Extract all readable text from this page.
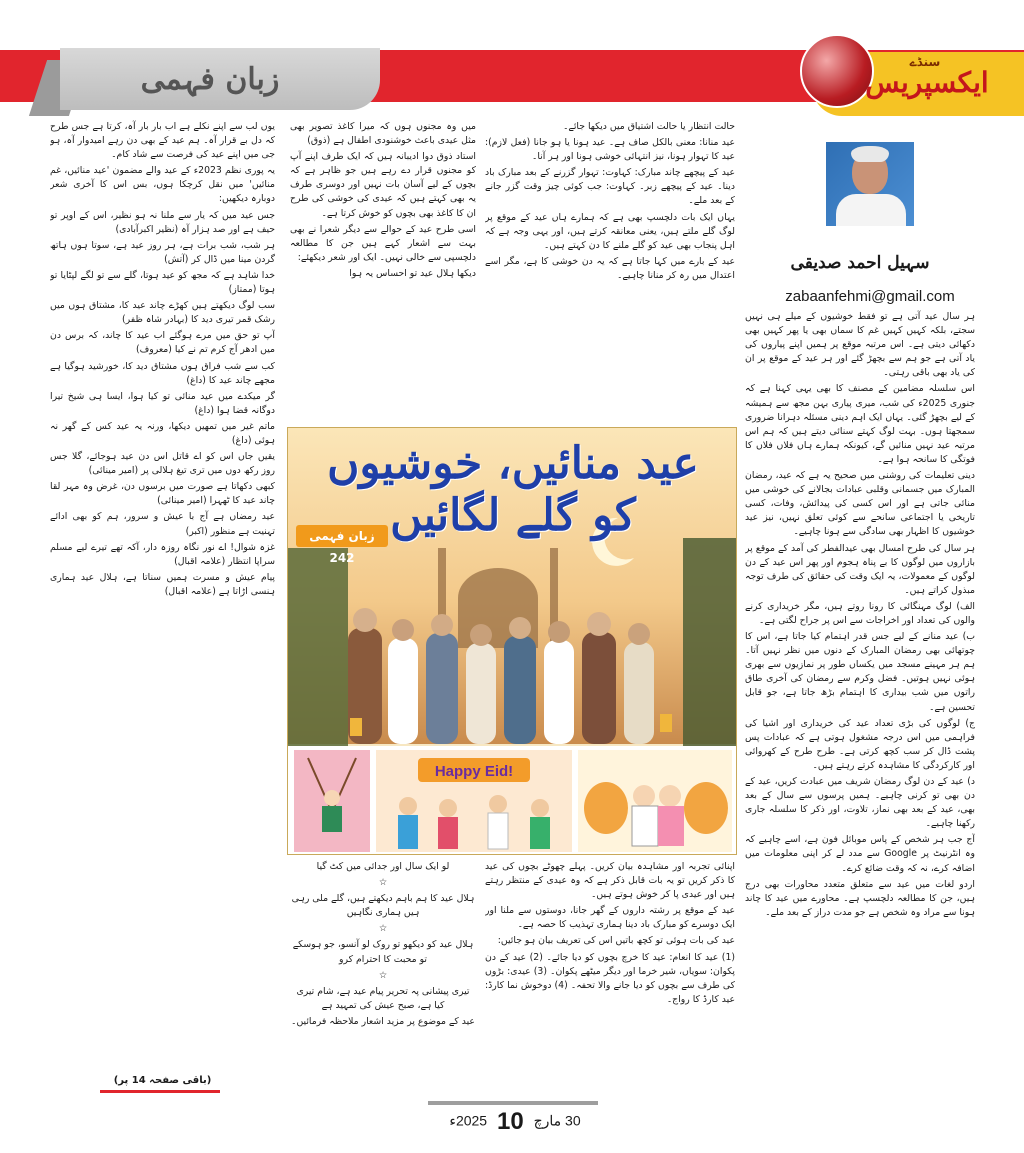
زبان فہمی	سنڈے
ایکسپریس
سہیل احمد صدیقی
zabaanfehmi@gmail.com

ہر سال عید آتی ہے تو فقط خوشیوں کے میلے ہی نہیں سجتے، بلکہ کہیں کہیں غم کا سماں بھی یا پھر کہیں بھی دکھائی دیتی ہے۔ اس مرتبہ موقع پر ہمیں اپنے پیاروں کی یاد آتی ہے جو ہم سے بچھڑ گئے اور ہر عید کے موقع پر ان کی یاد بھی باقی رہتی۔

اس سلسلہ مضامین کے مصنف کا بھی یہی کہنا ہے کہ جنوری 2025ء کی شب، میری پیاری بہن مجھ سے ہمیشہ کے لیے بچھڑ گئی۔ یہاں ایک اہم دینی مسئلہ دہرانا ضروری سمجھتا ہوں۔ بہت لوگ کہتے سنائی دیتے ہیں کہ ہم اس مرتبہ عید نہیں منائیں گے، کیونکہ ہمارے ہاں فلاں فلاں کا فوتگی کا سانحہ ہوا ہے۔

دینی تعلیمات کی روشنی میں صحیح یہ ہے کہ عید، رمضان المبارک میں جسمانی وقلبی عبادات بجالانے کی خوشی میں منائی جاتی ہے اور اس کسی کی پیدائش، وفات، کسی تاریخی یا اجتماعی سانحے سے کوئی تعلق نہیں، نیز عید خوشیوں کا اظہار بھی سادگی سے ہونا چاہیے۔

ہر سال کی طرح امسال بھی عیدالفطر کی آمد کے موقع پر بازاروں میں لوگوں کا بے پناہ ہجوم اور پھر اس عید کے دن لوگوں کے معمولات، یہ ایک وقت کی حقائق کی طرف توجہ مبذول کراتے ہیں۔

الف) لوگ مہنگائی کا رونا روتے ہیں، مگر خریداری کرنے والوں کی تعداد اور اخراجات سے اس پر جراح لگتی ہے۔

ب) عید منانے کے لیے جس قدر اہتمام کیا جاتا ہے، اس کا چوتھائی بھی رمضان المبارک کے دنوں میں نظر نہیں آتا۔ ہم ہر مہینے مسجد میں یکساں طور پر نمازیوں سے بھری ہوئی نہیں ہوتیں۔ فضل وکرم سے رمضان کی آخری طاق راتوں میں شب بیداری کا اہتمام بڑھ جاتا ہے، جو قابل تحسین ہے۔

ج) لوگوں کی بڑی تعداد عید کی خریداری اور اشیا کی فراہمی میں اس درجہ مشغول ہوتی ہے کہ عبادات پس پشت ڈال کر سب کچھ کرتی ہے۔ طرح طرح کے کھروائی اور کارکردگی کا مشاہدہ کرتے رہتے ہیں۔

د) عید کے دن لوگ رمضان شریف میں عبادت کریں، عید کے دن بھی تو کرنی چاہیے۔ ہمیں پرسوں سے سال کے بعد بھی، عید کے بعد بھی نماز، تلاوت، اور ذکر کا سلسلہ جاری رکھنا چاہیے۔

آج جب ہر شخص کے پاس موبائل فون ہے، اسے چاہیے کہ وہ انٹرنیٹ پر Google سے مدد لے کر اپنی معلومات میں اضافہ کرے، نہ کہ وقت ضائع کرے۔

اردو لغات میں عید سے متعلق متعدد محاورات بھی درج ہیں، جن کا مطالعہ دلچسپ ہے۔ محاورے میں عید کا چاند ہونا سے مراد وہ شخص ہے جو مدت دراز کے بعد ملے۔

حالت انتظار یا حالت اشتیاق میں دیکھا جائے۔

عید منانا: معنی بالکل صاف ہے۔ عید ہونا یا ہو جانا (فعل لازم): عید کا تہوار ہونا، نیز انتہائی خوشی ہونا اور ہر آنا۔

عید کے پیچھے چاند مبارک: کہاوت: تہوار گزرنے کے بعد مبارک باد دینا۔ عید کے پیچھے زبر۔ کہاوت: جب کوئی چیز وقت گزر جانے کے بعد ملے۔

یہاں ایک بات دلچسپ بھی ہے کہ ہمارے ہاں عید کے موقع پر لوگ گلے ملتے ہیں، یعنی معانقہ کرتے ہیں، اور یہی وجہ ہے کہ اہل پنجاب بھی عید کو گلے ملنے کا دن کہتے ہیں۔

عید کے بارے میں کہا جاتا ہے کہ یہ دن خوشی کا ہے، مگر اسے اعتدال میں رہ کر منانا چاہیے۔

میں وہ مجنوں ہوں کہ میرا کاغذ تصویر بھی مثل عیدی باعث خوشنودی اطفال ہے (ذوق)

استاد ذوق دوا ادیبانہ ہیں کہ ایک طرف اپنے آپ کو مجنوں قرار دے رہے ہیں جو ظاہر ہے کہ بچوں کے لیے آسان بات نہیں اور دوسری طرف یہ بھی کہتے ہیں کہ عیدی کی خوشی کی طرح ان کا کاغذ بھی بچوں کو خوش کرتا ہے۔

اسی طرح عید کے حوالے سے دیگر شعرا نے بھی بہت سے اشعار کہے ہیں جن کا مطالعہ دلچسپی سے خالی نہیں۔ ایک اور شعر دیکھئے:

دیکھا ہلال عید تو احساس یہ ہوا

یوں لب سے اپنے نکلے ہے اب بار بار آہ، کرتا ہے جس طرح کہ دل بے قرار آہ۔ ہم عید کے بھی دن رہے امیدوار آہ، ہو جی میں اپنے عید کی فرصت سے شاد کام۔

یہ پوری نظم 2023ء کے عید والے مضمون 'عید منائیں، غم منائیں' میں نقل کرچکا ہوں، بس اس کا آخری شعر دوبارہ دیکھیں:

جس عید میں کہ یار سے ملنا نہ ہو نظیر، اس کے اوپر تو حیف ہے اور صد ہزار آہ (نظیر اکبرآبادی)

ہر شب، شب برات ہے، ہر روز عید ہے، سوتا ہوں ہاتھ گردن مینا میں ڈال کر (آتش)

خدا شاہد ہے کہ مجھ کو عید ہوتا، گلے سے تو لگے لپٹایا تو ہوتا (ممتاز)

سب لوگ دیکھتے ہیں کھڑے چاند عید کا، مشتاق ہوں میں رشک قمر تیری دید کا (بہادر شاہ ظفر)

آپ تو حق میں مرے ہوگئے اب عید کا چاند، کہ برس دن میں ادھر آج کرم تم نے کیا (معروف)

کب سے شب فراق ہوں مشتاق دید کا، خورشید ہوگیا ہے مجھے چاند عید کا (داغ)

گر میکدے میں عید منائی تو کیا ہوا، ایسا ہی شیخ تیرا دوگانہ قضا ہوا (داغ)

ماتم غیر میں تمھیں دیکھا، ورنہ یہ عید کس کے گھر نہ ہوئی (داغ)

یقیں جاں اس کو اے قاتل اس دن عید ہوجائے، گلا جس روز رکھ دوں میں تری تیغ ہلالی پر (امیر مینائی)

کبھی دکھاتا ہے صورت میں برسوں دن، غرض وہ مہر لقا چاند عید کا ٹھہرا (امیر مینائی)

عید رمضاں ہے آج با عیش و سرور، ہم کو بھی ادائے تہنیت ہے منظور (اکبر)

غزہ شوال! اے نور نگاہ روزہ دار، آکہ تھے تیرے لیے مسلم سراپا انتظار (علامہ اقبال)

پیام عیش و مسرت ہمیں سناتا ہے، ہلال عید ہماری ہنسی اڑاتا ہے (علامہ اقبال)

اپنائی تجربہ اور مشاہدہ بیان کریں۔ پہلے چھوٹے بچوں کی عید کا ذکر کریں تو یہ بات قابل ذکر ہے کہ وہ عیدی کے منتظر رہتے ہیں اور عیدی پا کر خوش ہوتے ہیں۔

عید کے موقع پر رشتہ داروں کے گھر جانا، دوستوں سے ملنا اور ایک دوسرے کو مبارک باد دینا ہماری تہذیب کا حصہ ہے۔

عید کی بات ہوئی تو کچھ باتیں اس کی تعریف بیان ہو جائیں:

(1) عید کا انعام: عید کا خرچ بچوں کو دیا جائے۔ (2) عید کے دن پکوان: سویاں، شیر خرما اور دیگر میٹھے پکوان۔ (3) عیدی: بڑوں کی طرف سے بچوں کو دیا جانے والا تحفہ۔ (4) دوخوش نما کارڈ: عید کارڈ کا رواج۔

لو ایک سال اور جدائی میں کٹ گیا

☆

ہلال عید کا ہم باہم دیکھتے ہیں، گلے ملی رہی ہیں ہماری نگاہیں

☆

ہلال عید کو دیکھو تو روک لو آنسو، جو ہوسکے تو محبت کا احترام کرو

☆

تیری پیشانی پہ تحریر پیام عید ہے، شام تیری کیا ہے، صبح عیش کی تمہید ہے

عید کے موضوع پر مزید اشعار ملاحظہ فرمائیں۔

(باقی صفحہ 14 پر)
Happy Eid!
عید منائیں، خوشیوں کو گلے لگائیں
زبان فہمی 242
30 مارچ 10 2025ء
